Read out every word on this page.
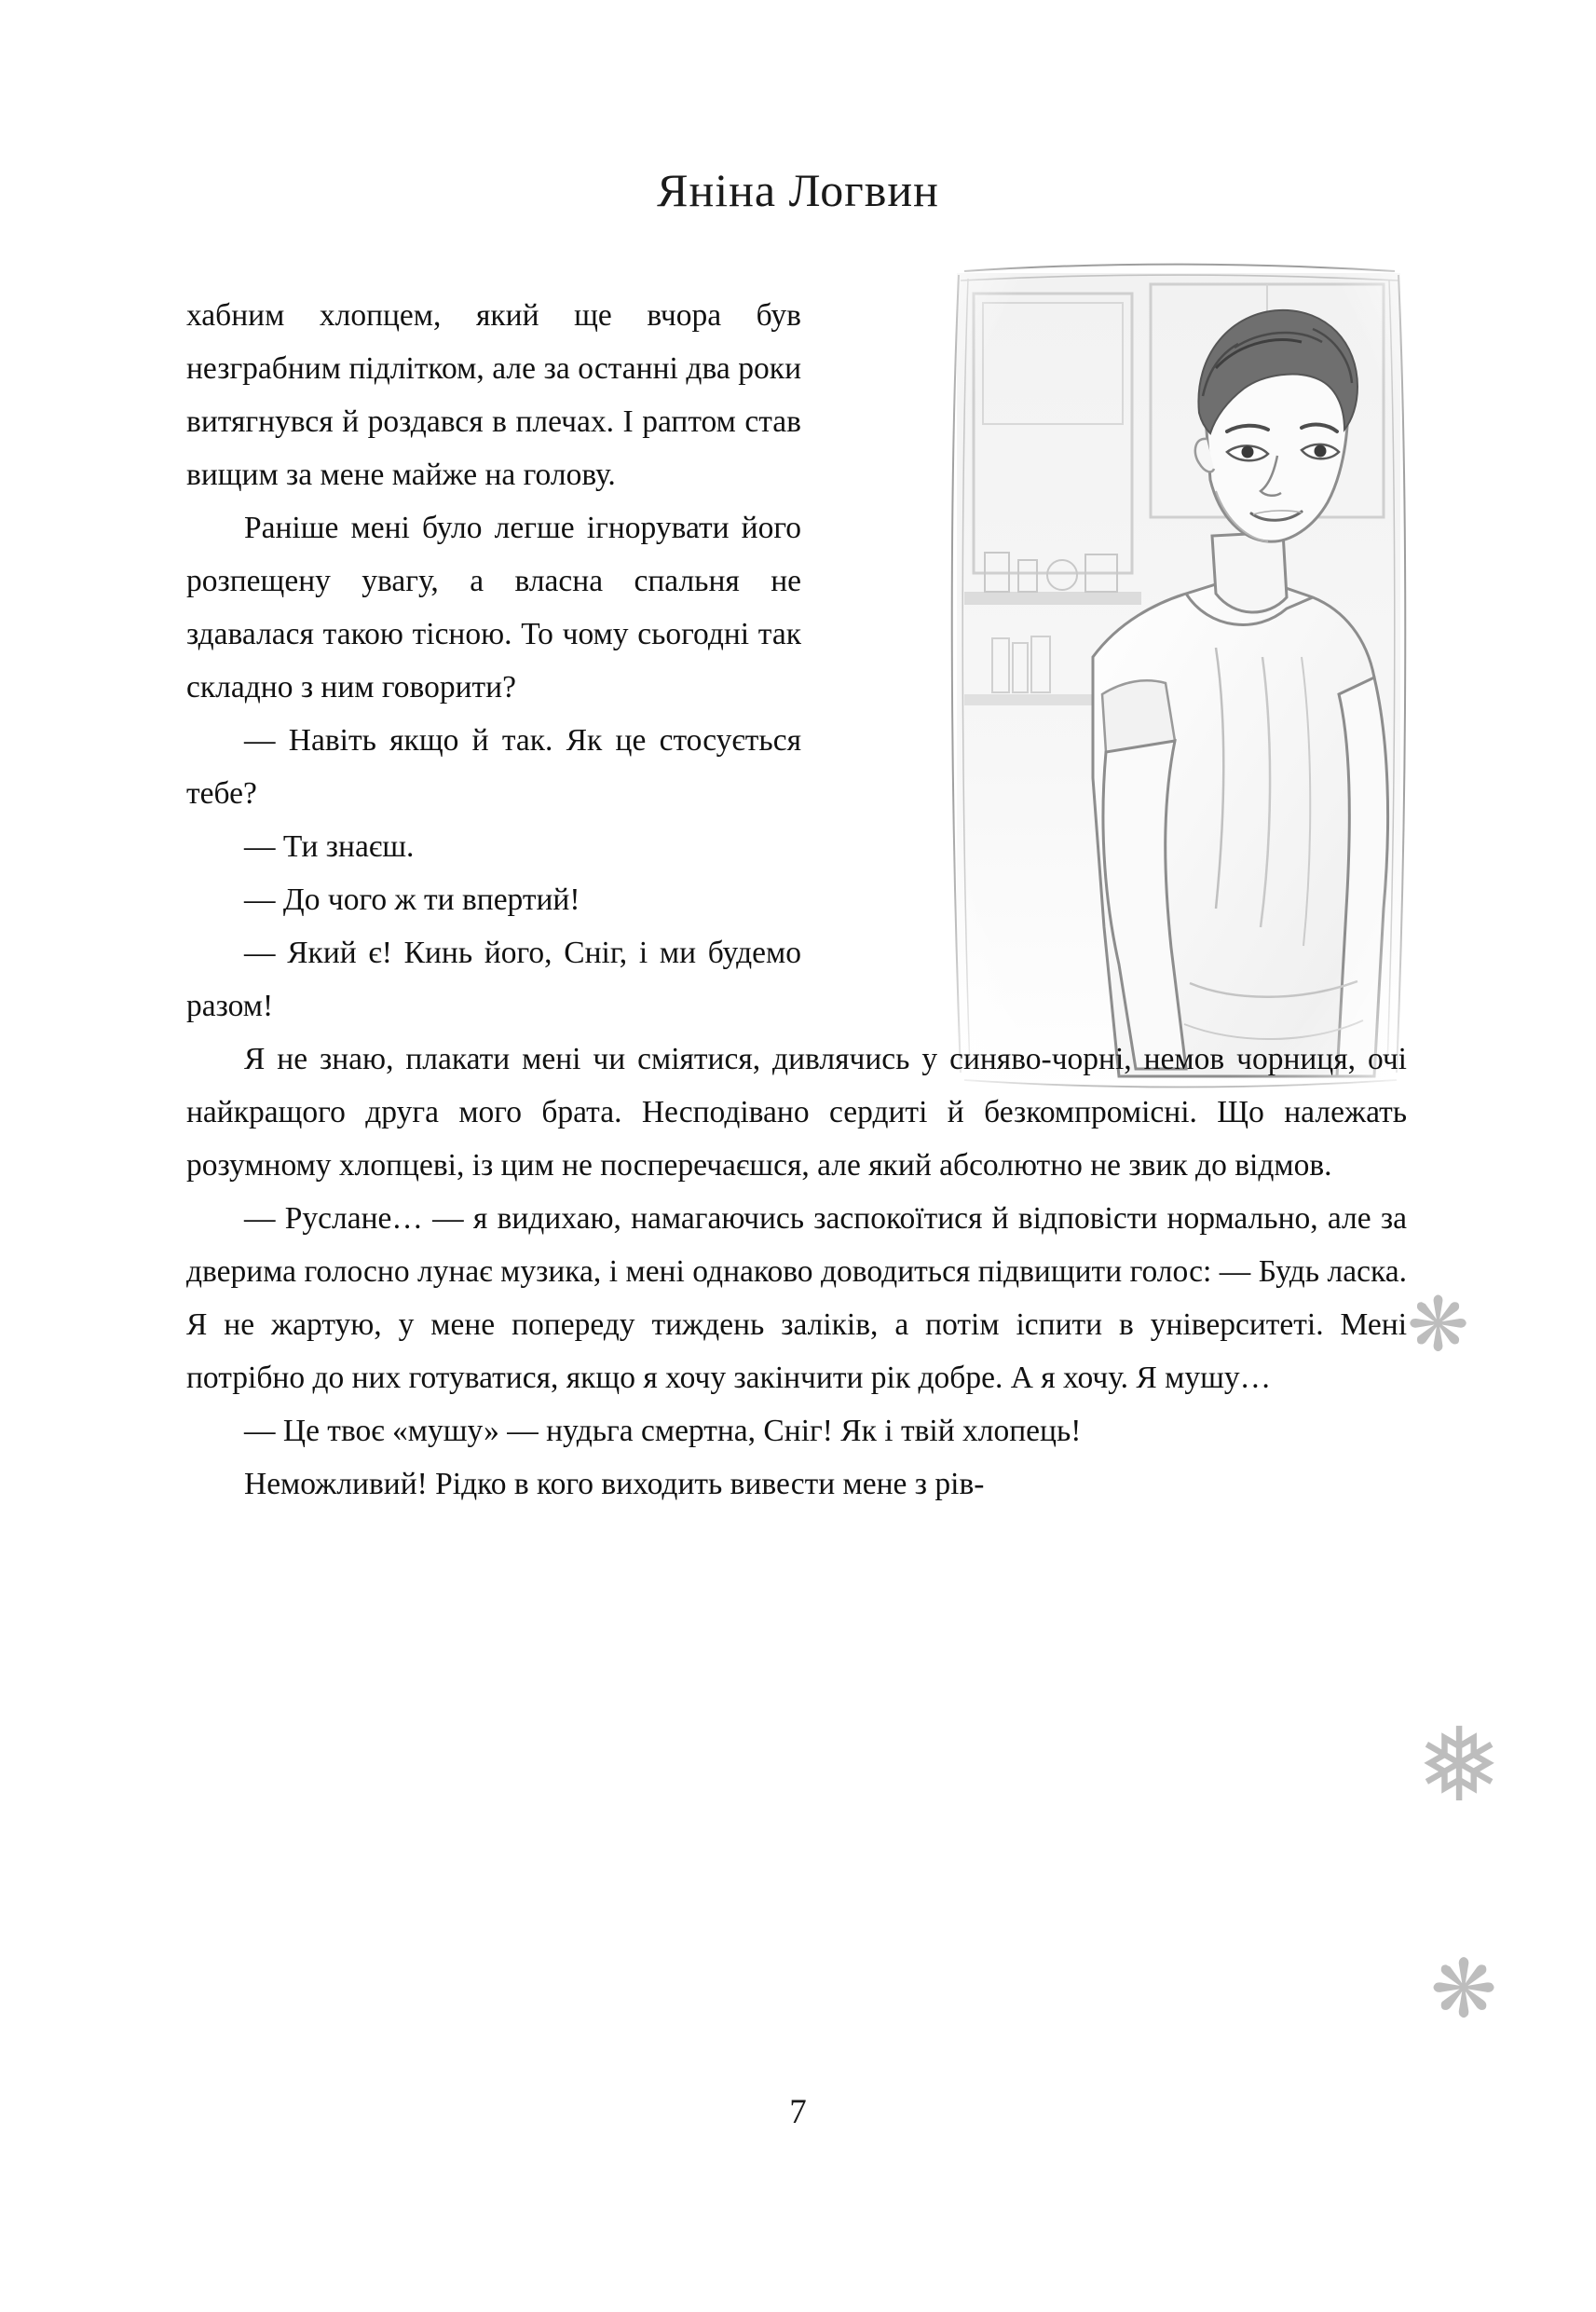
Яніна Логвин

хабним хлопцем, який ще вчора був незграбним підлітком, але за останні два роки витягнувся й роздався в плечах. І раптом став вищим за мене майже на голову.

Раніше мені було легше ігнорувати його розпещену увагу, а власна спальня не здавалася такою тісною. То чому сьогодні так складно з ним говорити?

— Навіть якщо й так. Як це стосується тебе?

— Ти знаєш.

— До чого ж ти впертий!

— Який є! Кинь його, Сніг, і ми будемо разом!

Я не знаю, плакати мені чи сміятися, дивлячись у синяво-чорні, немов чорниця, очі найкращого друга мого брата. Несподівано сердиті й безкомпромісні. Що належать розумному хлопцеві, із цим не посперечаєшся, але який абсолютно не звик до відмов.

— Руслане… — я видихаю, намагаючись заспокоїтися й відповісти нормально, але за дверима голосно лунає музика, і мені однаково доводиться підвищити голос: — Будь ласка. Я не жартую, у мене попереду тиждень заліків, а потім іспити в університеті. Мені потрібно до них готуватися, якщо я хочу закінчити рік добре. А я хочу. Я мушу…

— Це твоє «мушу» — нудьга смертна, Сніг! Як і твій хлопець!

Неможливий! Рідко в кого виходить вивести мене з рів-

❋
❅
❋
7
